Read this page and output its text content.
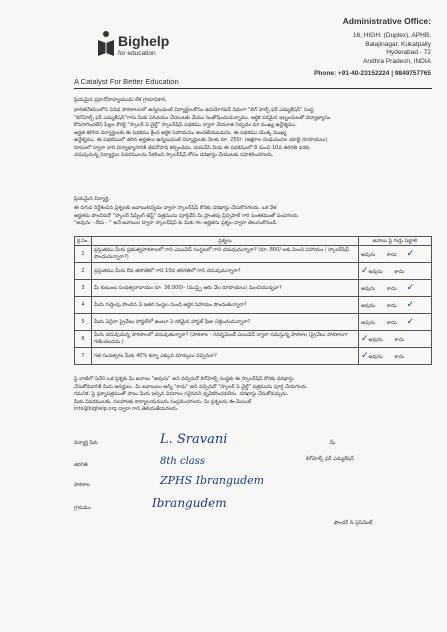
Bighelp
for education
A Catalyst For Better Education
Administrative Office:
16, HIGH. (Duplex), APHB,
Balajinagar, Kukatpally
Hyderabad - 72
Andhra Pradesh, INDIA
Phone: +91-40-23152224 | 9849757765
ప్రియమైన ప్రధానోపాధ్యాయుడు లేక గ్రామాధికారి,
భారతదేశములోని వివిధ పాఠశాలలలో ఉన్నటువంటి విద్యార్థులకోసం ఉపయోగపడే విధంగా "బిగ్ హెల్ప్ ఫర్ ఎడ్యుకేషన్" సంస్థ
"బిగ్‌హెల్ప్ ఫర్ ఎడ్యుకేషన్"గాను మీకు పరిచయం చేయుటకు మేము సంతోషించుచున్నాము. ఆర్థిక పరమైన ఇబ్బందులతో విద్యాభ్యాసం
కొనసాగించలేని పిల్లల కొరకై "స్కాలర్ ఏ చైల్డ్" స్కాలర్‌షిప్ పథకము ద్వారా చేయూత నివ్వడం మా ముఖ్య ఉద్దేశ్యము.
అర్హత కలిగిన విద్యార్థులకు ఈ పథకము క్రింద ఆర్థిక సహాయము అందజేయబడును. ఈ పథకము యొక్క ముఖ్య
ఉద్దేశ్యము, ఈ పథకములో తగిన అర్హతలు ఉన్నటువంటి విద్యార్థులకు నెలకు రూ. 250/- (అక్షరాల రెండువందల యాభై రూపాయలు)
రూపంలో ద్వారా వారి విద్యాభ్యాసానికి జీవనోపాధి కల్పించడం. దయచేసి మీరు ఈ పథకములో 8 నుంచి 10వ తరగతి వరకు
చదువుచున్న విద్యార్థుల వివరములను సేకరించి స్కాలర్‌షిప్ కోసం దరఖాస్తు చేయుటకు సహకరించగలరు.
ప్రియమైన విద్యార్థి,
ఈ దిగువ నిర్దేశించిన ప్రశ్నలకు జవాబులివ్వడం ద్వారా స్కాలర్‌షిప్ కొరకు దరఖాస్తు చేసుకొనగలరు. ఒక వేళ
అర్హతను పొందినచో "స్కాలర్ షిప్పింగ్ టెస్ట్" పత్రమును పూర్తిచేసి మీ ప్రాంతపు ప్రిన్సిపాల్ గారి సంతకముతో పంపగలరు.
"అవును - లేదు - " అనే జవాబుల ద్వారా స్కాలర్‌షిప్ కు మీకు గల అర్హతను ప్రశ్నల ద్వారా తెలుసుకొనండి.
క్ర.సం.	ప్రశ్నలు	జవాబు పై గుర్తు పెట్టాలి
1	ప్రస్తుతము మీరు ప్రభుత్వపాఠశాలలో గాని ఎయిడెడ్ సంస్థలలో గాని చదువుచున్నారా? (రూ. 800/-లకు మించి సహాయం / స్కాలర్‌షిప్ పొందుచున్నారా?)	అవును కాదు ✓
2	ప్రస్తుతము మీరు 8వ తరగతిలో గాని 10వ తరగతిలో గాని చదువుచున్నారా?	✓అవును కాదు
3	మీ కుటుంబ సంవత్సరాదాయం రూ. 36,000/- (ముప్పై ఆరు వేల రూపాయలు) మించియున్నదా?	అవును కాదు ✓
4	మీరు గుర్తింపు పొందిన ఏ ఇతర సంస్థల నుండి ఆర్థిక సహాయం పొందుతున్నారా?	అవును కాదు ✓
5	మీరు ఏదైనా ప్రైవేటు హాస్టల్‌లో ఉంటూ ఏ రకమైన హాస్టల్ ఫీజు చెల్లించుచున్నారా?	అవును కాదు ✓
6	మీరు చదువుచున్న పాఠశాలలో చదువుతున్నారా? (పాఠశాల - గవర్నమెంట్ ఎయిడెడ్ ద్వారా నడుస్తున్న పాఠశాల (ప్రైవేటు పాఠశాలగా గణించబడదు.)	✓అవును కాదు
7	గత సంవత్సరం మీకు 40% కన్నా ఎక్కువ మార్కులు వచ్చినవా?	✓అవును కాదు
పై వాటిలో ఏదేని ఒక ప్రశ్నకు మీ జవాబు "అవును" అని వచ్చినచో బిగ్‌హెల్ప్ సంస్థకు ఈ స్కాలర్‌షిప్ కొరకు దరఖాస్తు
చేసుకోవడానికి మీరు అనర్హులు. మీ జవాబులు అన్నీ "కాదు" అని వచ్చినచో "స్కాలర్ ఏ చైల్డ్" పత్రమును పూర్తి చేయగలరు.
గమనిక: పై ప్రశ్నాపత్రముతో పాటు మీరు ఇచ్చిన వివరాలు సరైనవని ధృవీకరించవలెను. దరఖాస్తు చేసుకోవచ్చును.
మీకు వివరములకు, సలహాలకు కార్యాలయమును సంప్రదించగలరు. మీ ప్రశ్నలను ఈ-మెయిల్
info@bighelp.org ద్వారా గాని తెలియజేయగలరు.
విద్యార్థి పేరు	L. Sravani
తరగతి	8th class
పాఠశాల	ZPHS Ibrangudem
గ్రామము	Ibrangudem
మీ
బిగ్‌హెల్ప్ ఫర్ ఎడ్యుకేషన్
ఫౌండర్ & ప్రెసిడెంట్
